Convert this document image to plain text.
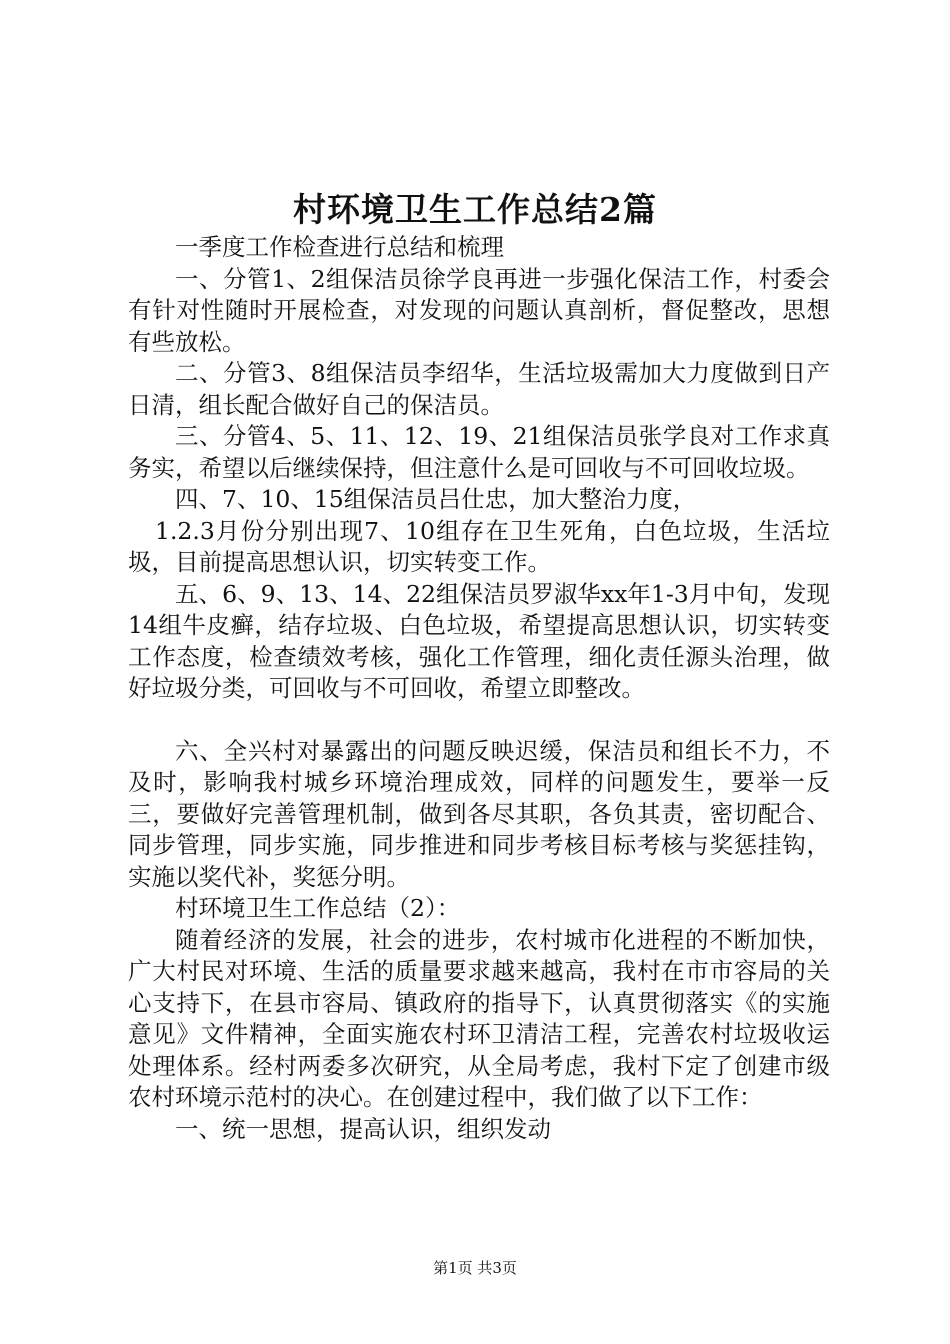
村环境卫生工作总结2篇

一季度工作检查进行总结和梳理

一、分管1、2组保洁员徐学良再进一步强化保洁工作，村委会有针对性随时开展检查，对发现的问题认真剖析，督促整改，思想有些放松。

二、分管3、8组保洁员李绍华，生活垃圾需加大力度做到日产日清，组长配合做好自己的保洁员。

三、分管4、5、11、12、19、21组保洁员张学良对工作求真务实，希望以后继续保持，但注意什么是可回收与不可回收垃圾。

四、7、10、15组保洁员吕仕忠，加大整治力度，

1.2.3月份分别出现7、10组存在卫生死角，白色垃圾，生活垃圾，目前提高思想认识，切实转变工作。

五、6、9、13、14、22组保洁员罗淑华xx年1-3月中旬，发现14组牛皮癣，结存垃圾、白色垃圾，希望提高思想认识，切实转变工作态度，检查绩效考核，强化工作管理，细化责任源头治理，做好垃圾分类，可回收与不可回收，希望立即整改。

六、全兴村对暴露出的问题反映迟缓，保洁员和组长不力，不及时，影响我村城乡环境治理成效，同样的问题发生，要举一反三，要做好完善管理机制，做到各尽其职，各负其责，密切配合、同步管理，同步实施，同步推进和同步考核目标考核与奖惩挂钩，实施以奖代补，奖惩分明。

村环境卫生工作总结（2）：

随着经济的发展，社会的进步，农村城市化进程的不断加快，广大村民对环境、生活的质量要求越来越高，我村在市市容局的关心支持下，在县市容局、镇政府的指导下，认真贯彻落实《的实施意见》文件精神，全面实施农村环卫清洁工程，完善农村垃圾收运处理体系。经村两委多次研究，从全局考虑，我村下定了创建市级农村环境示范村的决心。在创建过程中，我们做了以下工作：

一、统一思想，提高认识，组织发动

第1页 共3页
